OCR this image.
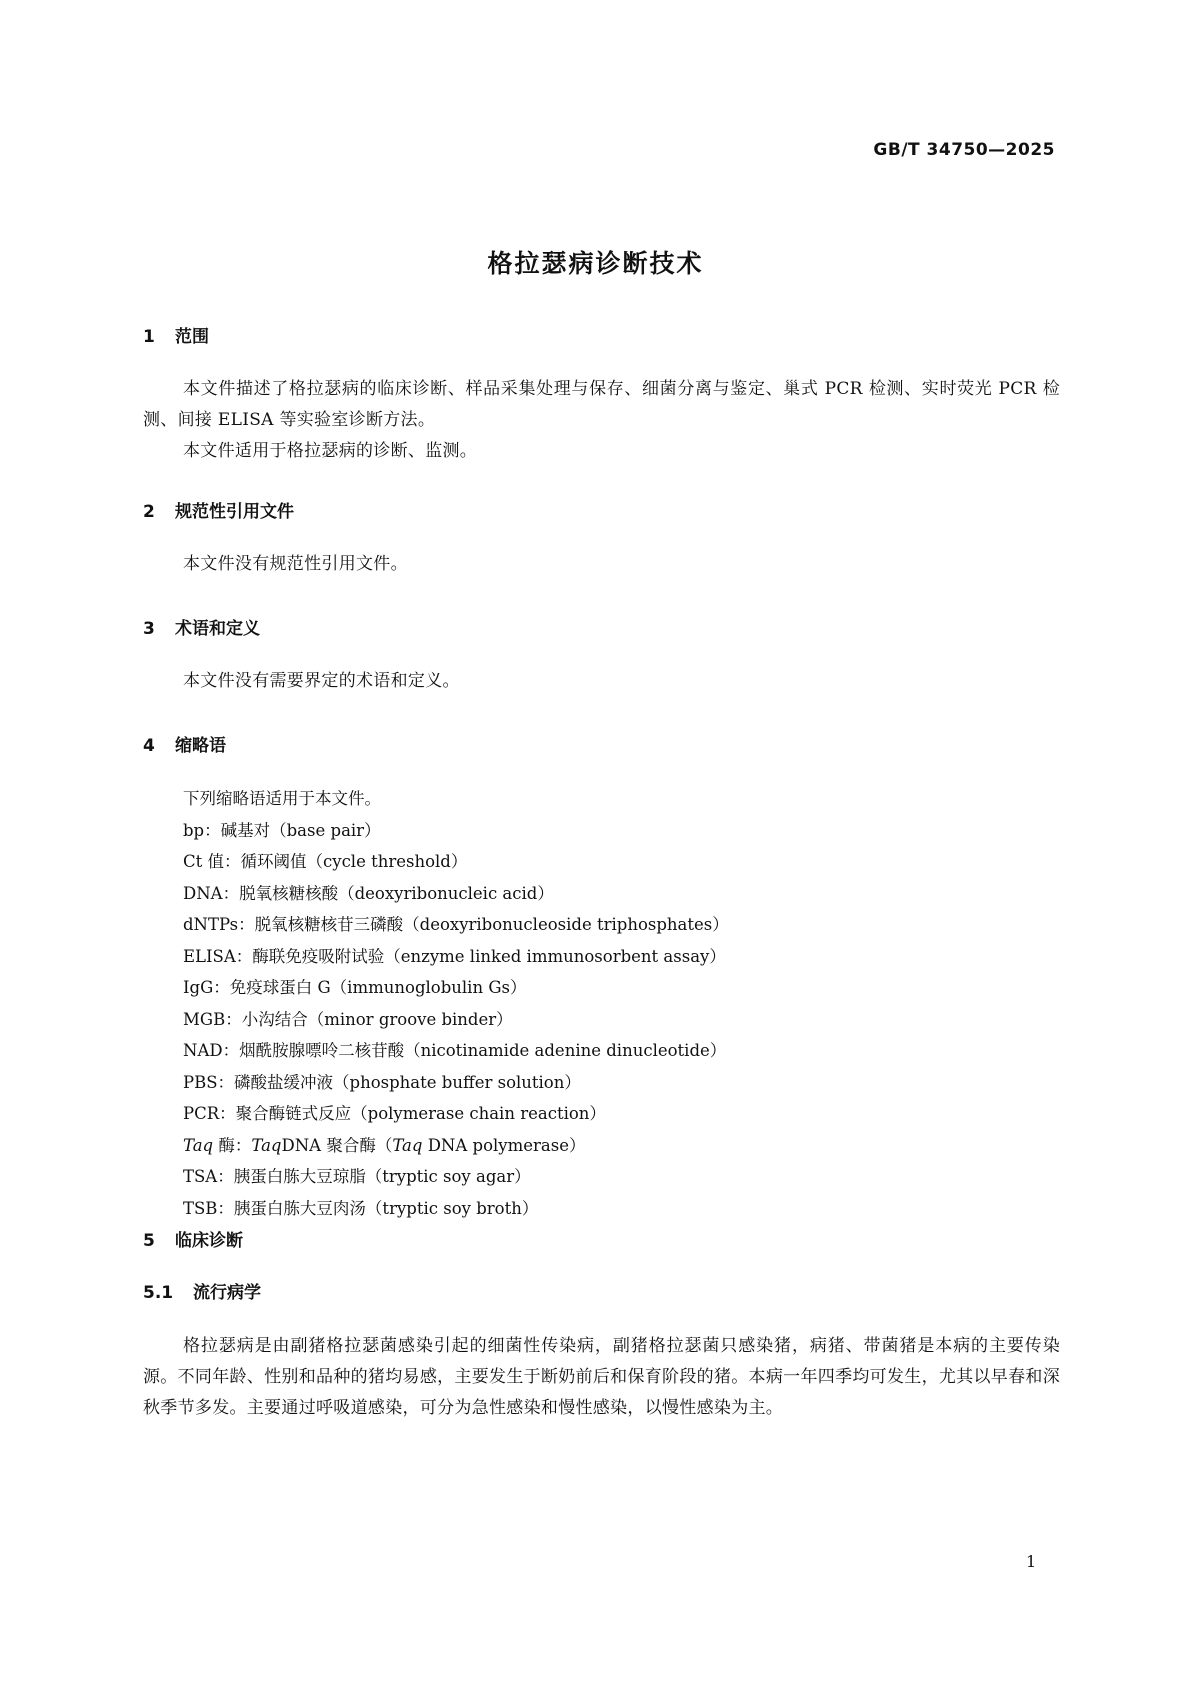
GB/T 34750—2025
格拉瑟病诊断技术
1 范围

本文件描述了格拉瑟病的临床诊断、样品采集处理与保存、细菌分离与鉴定、巢式 PCR 检测、实时荧光 PCR 检测、间接 ELISA 等实验室诊断方法。

本文件适用于格拉瑟病的诊断、监测。

2 规范性引用文件

本文件没有规范性引用文件。

3 术语和定义

本文件没有需要界定的术语和定义。

4 缩略语
下列缩略语适用于本文件。
bp：碱基对（base pair）
Ct 值：循环阈值（cycle threshold）
DNA：脱氧核糖核酸（deoxyribonucleic acid）
dNTPs：脱氧核糖核苷三磷酸（deoxyribonucleoside triphosphates）
ELISA：酶联免疫吸附试验（enzyme linked immunosorbent assay）
IgG：免疫球蛋白 G（immunoglobulin Gs）
MGB：小沟结合（minor groove binder）
NAD：烟酰胺腺嘌呤二核苷酸（nicotinamide adenine dinucleotide）
PBS：磷酸盐缓冲液（phosphate buffer solution）
PCR：聚合酶链式反应（polymerase chain reaction）
Taq 酶：TaqDNA 聚合酶（Taq DNA polymerase）
TSA：胰蛋白胨大豆琼脂（tryptic soy agar）
TSB：胰蛋白胨大豆肉汤（tryptic soy broth）
5 临床诊断
5.1 流行病学

格拉瑟病是由副猪格拉瑟菌感染引起的细菌性传染病，副猪格拉瑟菌只感染猪，病猪、带菌猪是本病的主要传染源。不同年龄、性别和品种的猪均易感，主要发生于断奶前后和保育阶段的猪。本病一年四季均可发生，尤其以早春和深秋季节多发。主要通过呼吸道感染，可分为急性感染和慢性感染，以慢性感染为主。

1
